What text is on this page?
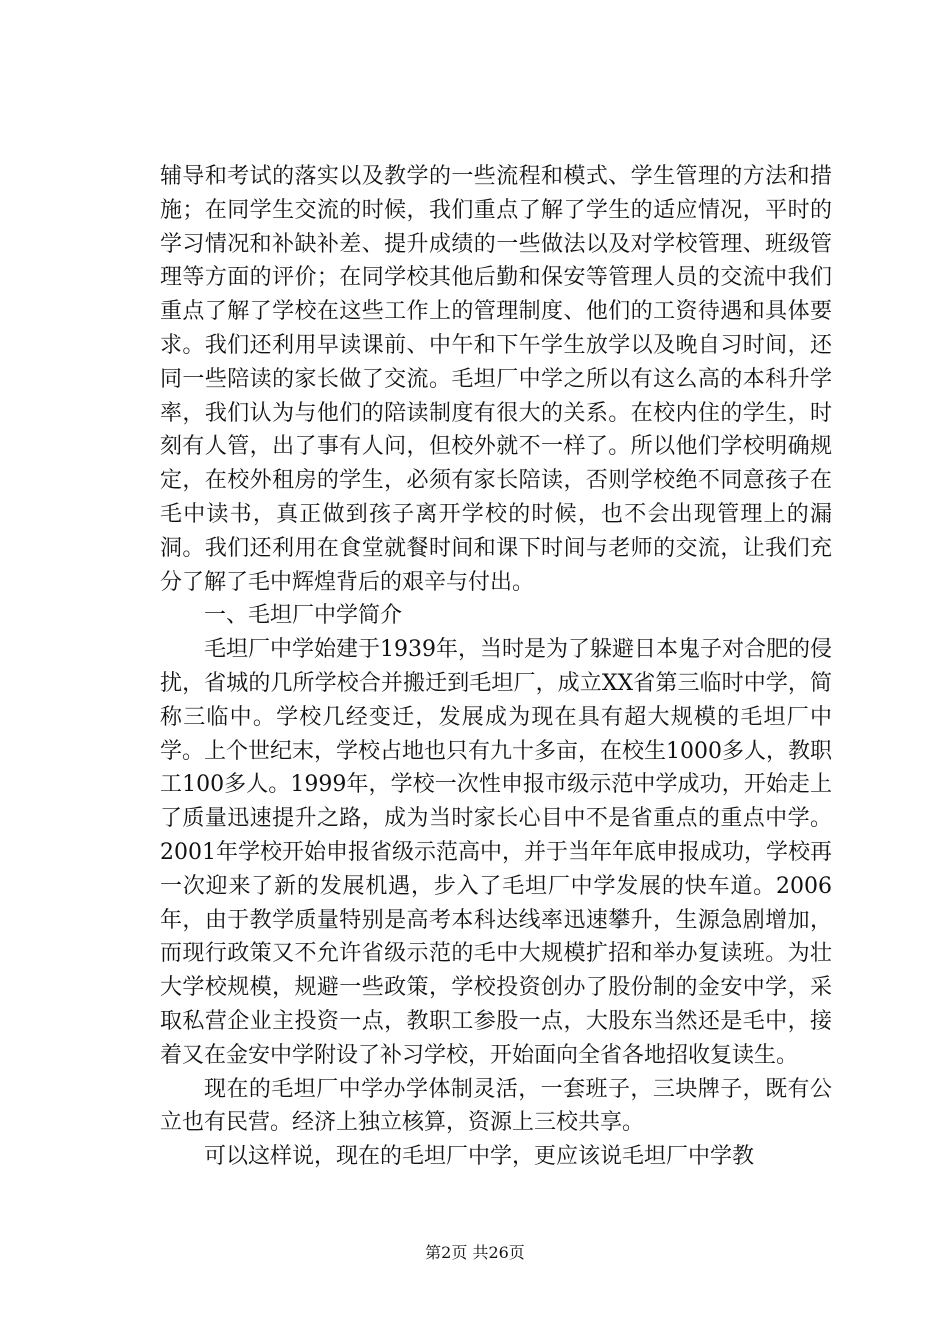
辅导和考试的落实以及教学的一些流程和模式、学生管理的方法和措施；在同学生交流的时候，我们重点了解了学生的适应情况，平时的学习情况和补缺补差、提升成绩的一些做法以及对学校管理、班级管理等方面的评价；在同学校其他后勤和保安等管理人员的交流中我们重点了解了学校在这些工作上的管理制度、他们的工资待遇和具体要求。我们还利用早读课前、中午和下午学生放学以及晚自习时间，还同一些陪读的家长做了交流。毛坦厂中学之所以有这么高的本科升学率，我们认为与他们的陪读制度有很大的关系。在校内住的学生，时刻有人管，出了事有人问，但校外就不一样了。所以他们学校明确规定，在校外租房的学生，必须有家长陪读，否则学校绝不同意孩子在毛中读书，真正做到孩子离开学校的时候，也不会出现管理上的漏洞。我们还利用在食堂就餐时间和课下时间与老师的交流，让我们充分了解了毛中辉煌背后的艰辛与付出。

一、毛坦厂中学简介

毛坦厂中学始建于1939年，当时是为了躲避日本鬼子对合肥的侵扰，省城的几所学校合并搬迁到毛坦厂，成立XX省第三临时中学，简称三临中。学校几经变迁，发展成为现在具有超大规模的毛坦厂中学。上个世纪末，学校占地也只有九十多亩，在校生1000多人，教职工100多人。1999年，学校一次性申报市级示范中学成功，开始走上了质量迅速提升之路，成为当时家长心目中不是省重点的重点中学。2001年学校开始申报省级示范高中，并于当年年底申报成功，学校再一次迎来了新的发展机遇，步入了毛坦厂中学发展的快车道。2006年，由于教学质量特别是高考本科达线率迅速攀升，生源急剧增加，而现行政策又不允许省级示范的毛中大规模扩招和举办复读班。为壮大学校规模，规避一些政策，学校投资创办了股份制的金安中学，采取私营企业主投资一点，教职工参股一点，大股东当然还是毛中，接着又在金安中学附设了补习学校，开始面向全省各地招收复读生。

现在的毛坦厂中学办学体制灵活，一套班子，三块牌子，既有公立也有民营。经济上独立核算，资源上三校共享。

可以这样说，现在的毛坦厂中学，更应该说毛坦厂中学教

第2页 共26页
